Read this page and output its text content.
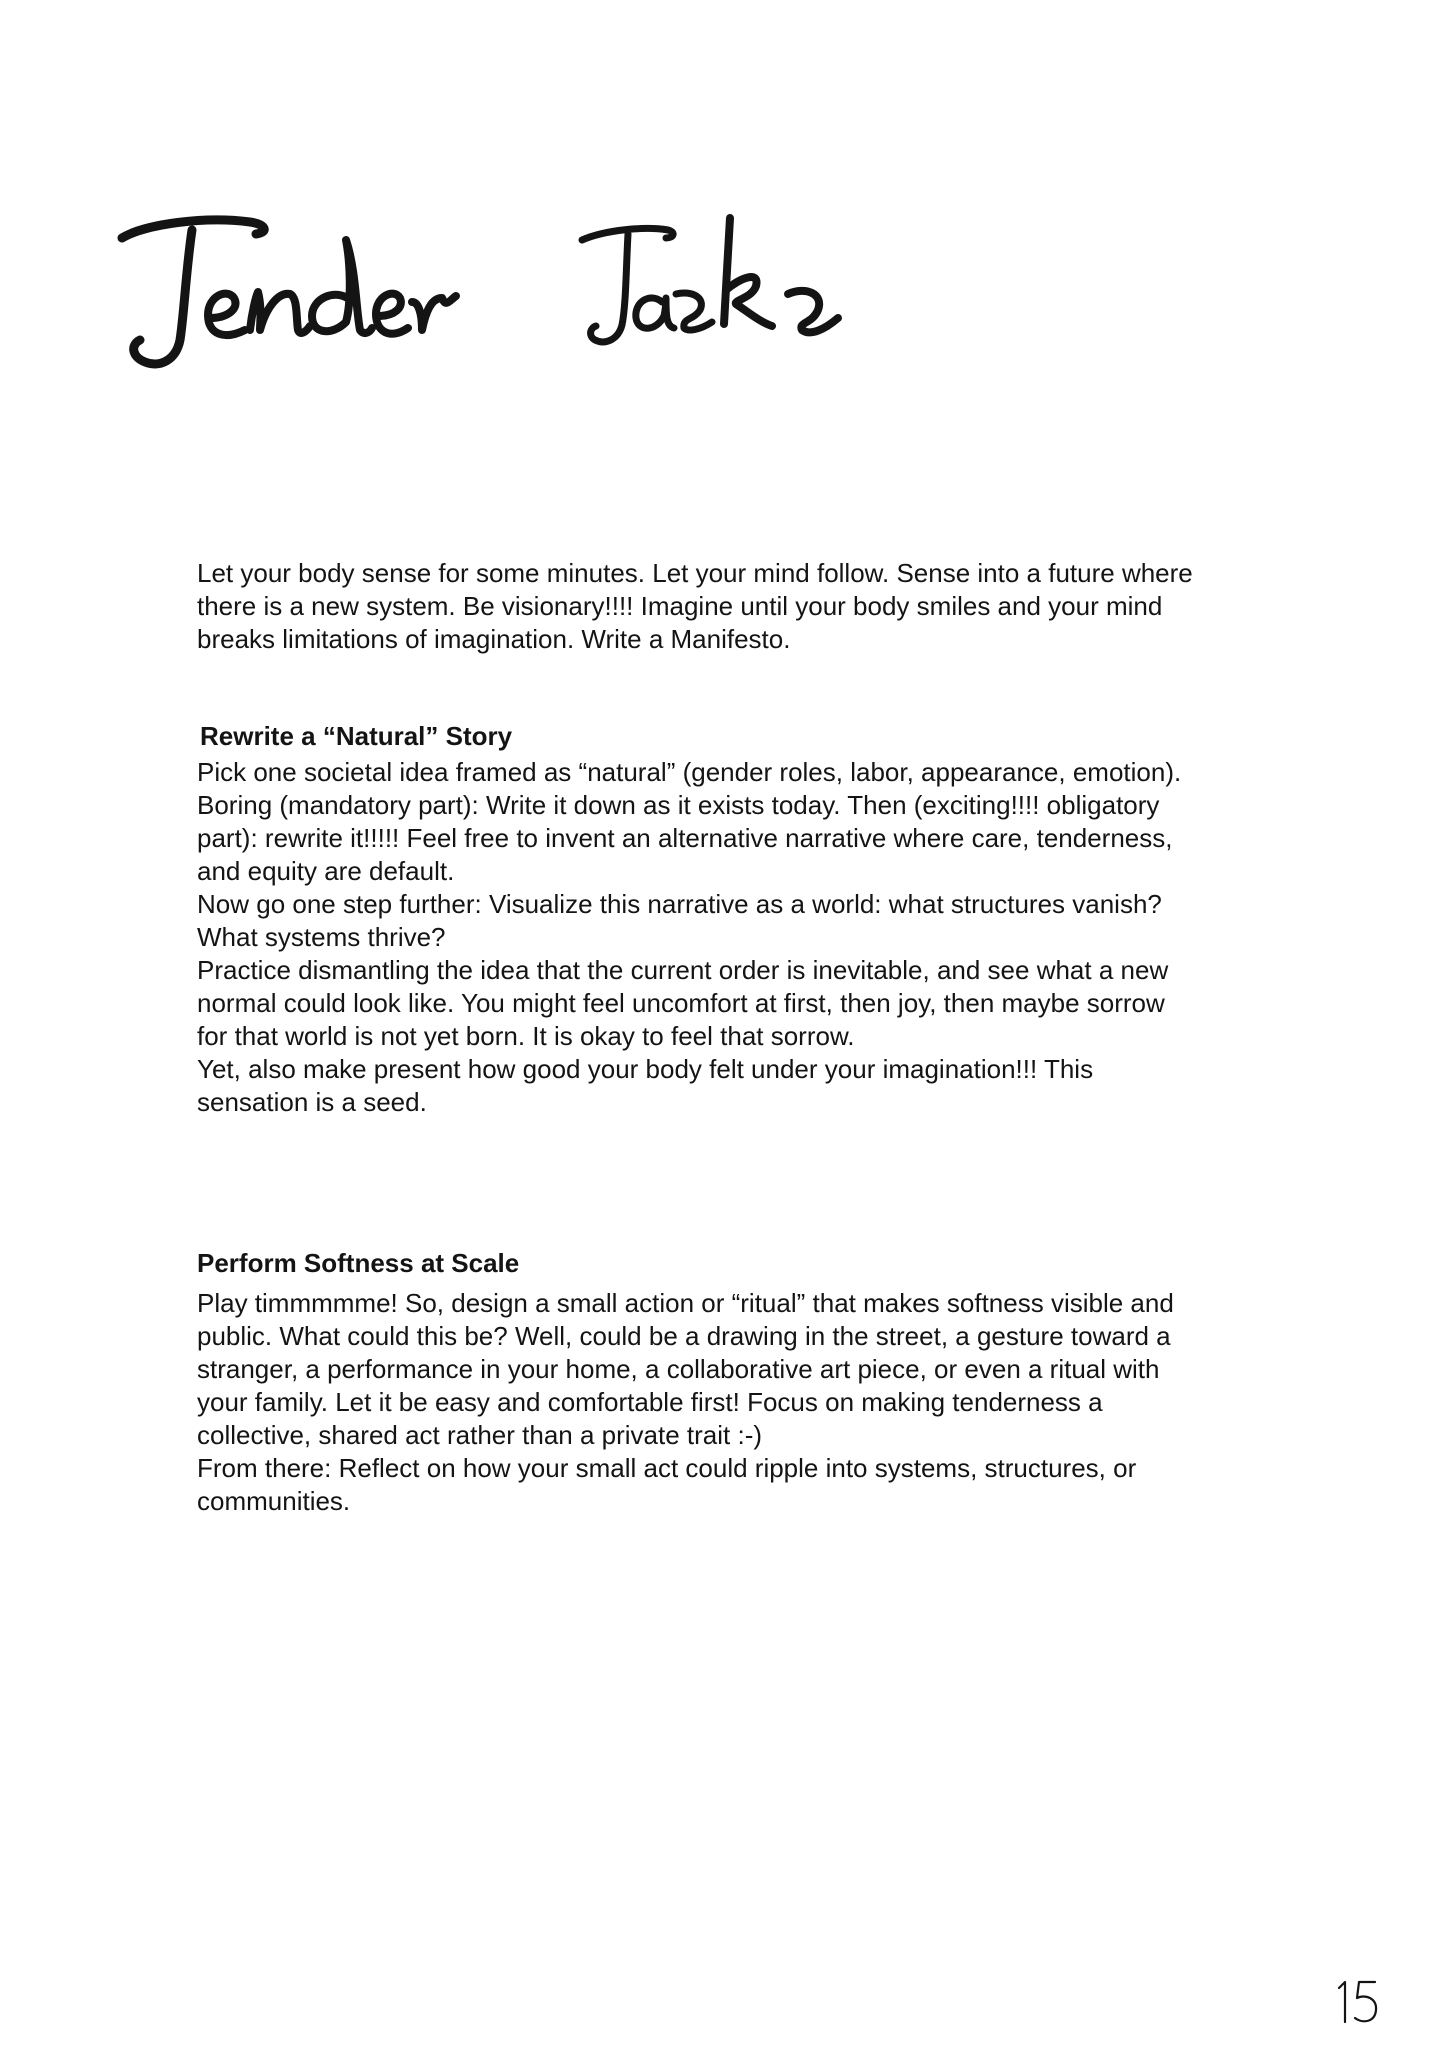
Let your body sense for some minutes. Let your mind follow. Sense into a future where there is a new system. Be visionary!!!! Imagine until your body smiles and your mind breaks limitations of imagination. Write a Manifesto.

Rewrite a “Natural” Story

Pick one societal idea framed as “natural” (gender roles, labor, appearance, emotion).

Boring (mandatory part): Write it down as it exists today. Then (exciting!!!! obligatory part): rewrite it!!!!! Feel free to invent an alternative narrative where care, tenderness, and equity are default.

Now go one step further: Visualize this narrative as a world: what structures vanish? What systems thrive?

Practice dismantling the idea that the current order is inevitable, and see what a new normal could look like. You might feel uncomfort at first, then joy, then maybe sorrow for that world is not yet born. It is okay to feel that sorrow.

Yet, also make present how good your body felt under your imagination!!! This sensation is a seed.

Perform Softness at Scale

Play timmmmme! So, design a small action or “ritual” that makes softness visible and public. What could this be? Well, could be a drawing in the street, a gesture toward a stranger, a performance in your home, a collaborative art piece, or even a ritual with your family. Let it be easy and comfortable first! Focus on making tenderness a collective, shared act rather than a private trait :-)

From there: Reflect on how your small act could ripple into systems, structures, or communities.
